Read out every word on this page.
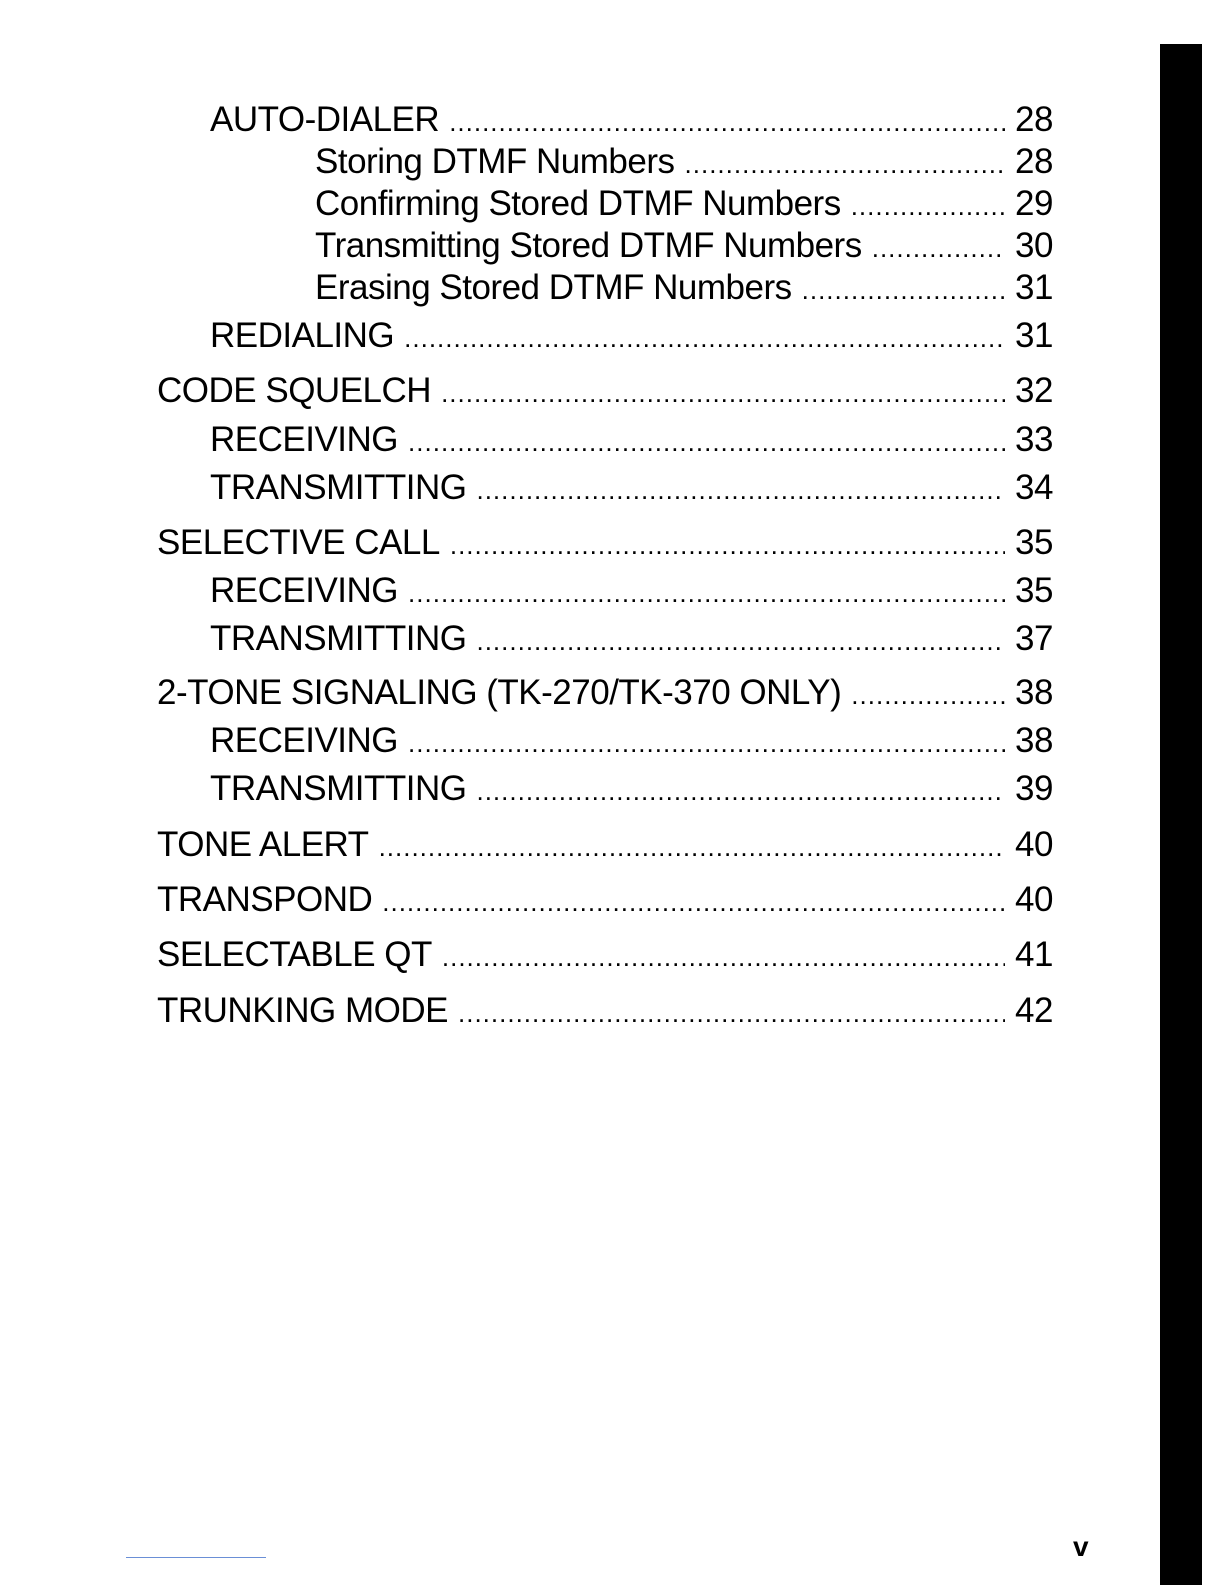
AUTO-DIALER .....	28
Storing DTMF Numbers .....	28
Confirming Stored DTMF Numbers .....	29
Transmitting Stored DTMF Numbers .....	30
Erasing Stored DTMF Numbers .....	31
REDIALING .....	31
CODE SQUELCH .....	32
RECEIVING .....	33
TRANSMITTING .....	34
SELECTIVE CALL .....	35
RECEIVING .....	35
TRANSMITTING .....	37
2-TONE SIGNALING (TK-270/TK-370 ONLY) .....	38
RECEIVING .....	38
TRANSMITTING .....	39
TONE ALERT .....	40
TRANSPOND .....	40
SELECTABLE QT .....	41
TRUNKING MODE .....	42
v
